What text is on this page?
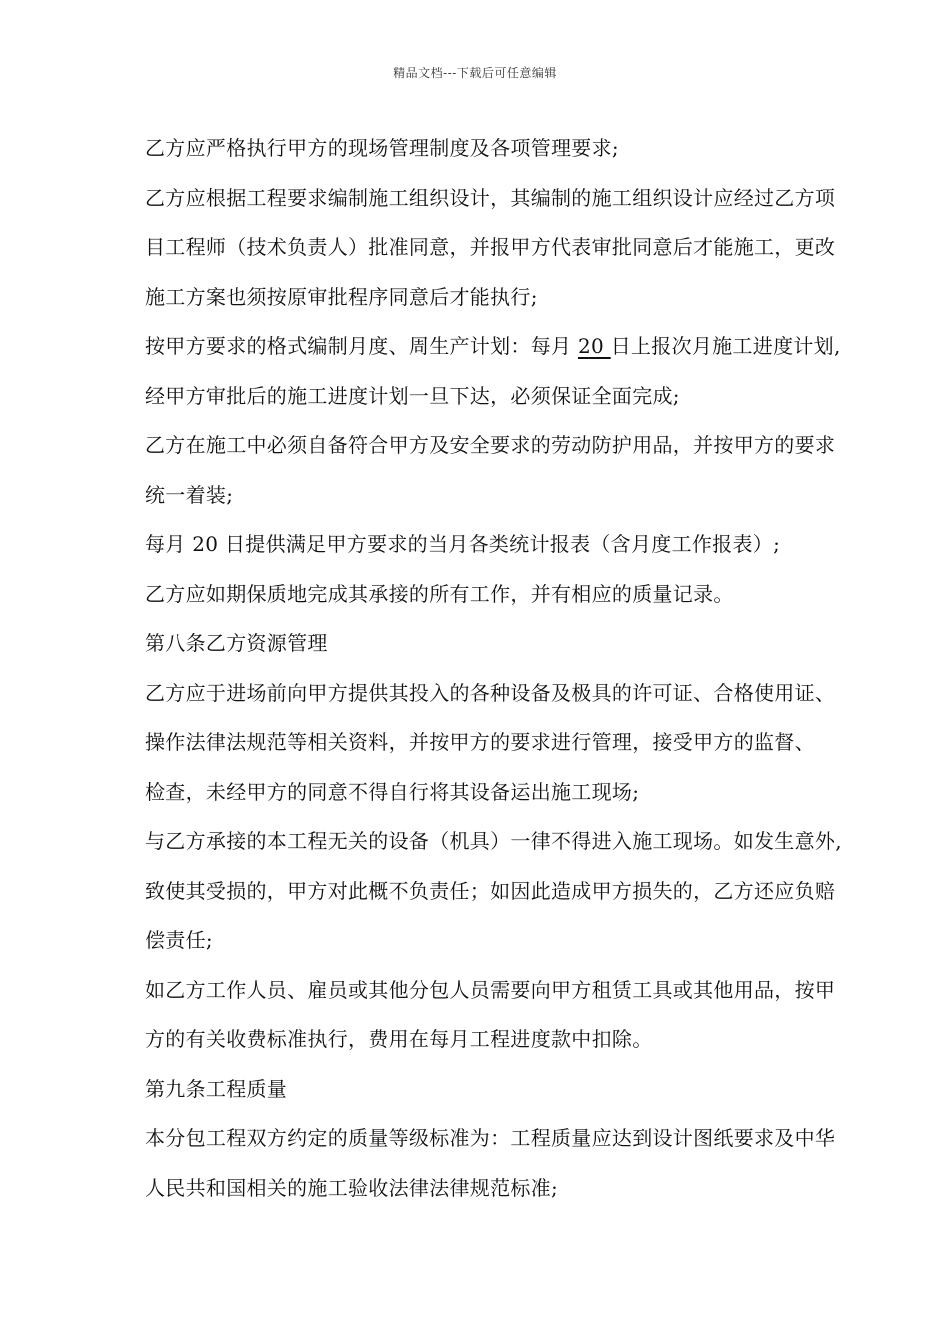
精品文档---下载后可任意编辑
乙方应严格执行甲方的现场管理制度及各项管理要求;
乙方应根据工程要求编制施工组织设计，其编制的施工组织设计应经过乙方项
目工程师（技术负责人）批准同意，并报甲方代表审批同意后才能施工，更改
施工方案也须按原审批程序同意后才能执行;
按甲方要求的格式编制月度、周生产计划：每月 20 日上报次月施工进度计划,
经甲方审批后的施工进度计划一旦下达，必须保证全面完成;
乙方在施工中必须自备符合甲方及安全要求的劳动防护用品，并按甲方的要求
统一着装;
每月 20 日提供满足甲方要求的当月各类统计报表（含月度工作报表）;
乙方应如期保质地完成其承接的所有工作，并有相应的质量记录。
第八条乙方资源管理
乙方应于进场前向甲方提供其投入的各种设备及极具的许可证、合格使用证、
操作法律法规范等相关资料，并按甲方的要求进行管理，接受甲方的监督、
检查，未经甲方的同意不得自行将其设备运出施工现场;
与乙方承接的本工程无关的设备（机具）一律不得进入施工现场。如发生意外,
致使其受损的，甲方对此概不负责任；如因此造成甲方损失的，乙方还应负赔
偿责任;
如乙方工作人员、雇员或其他分包人员需要向甲方租赁工具或其他用品，按甲
方的有关收费标准执行，费用在每月工程进度款中扣除。
第九条工程质量
本分包工程双方约定的质量等级标准为：工程质量应达到设计图纸要求及中华
人民共和国相关的施工验收法律法律规范标准;
